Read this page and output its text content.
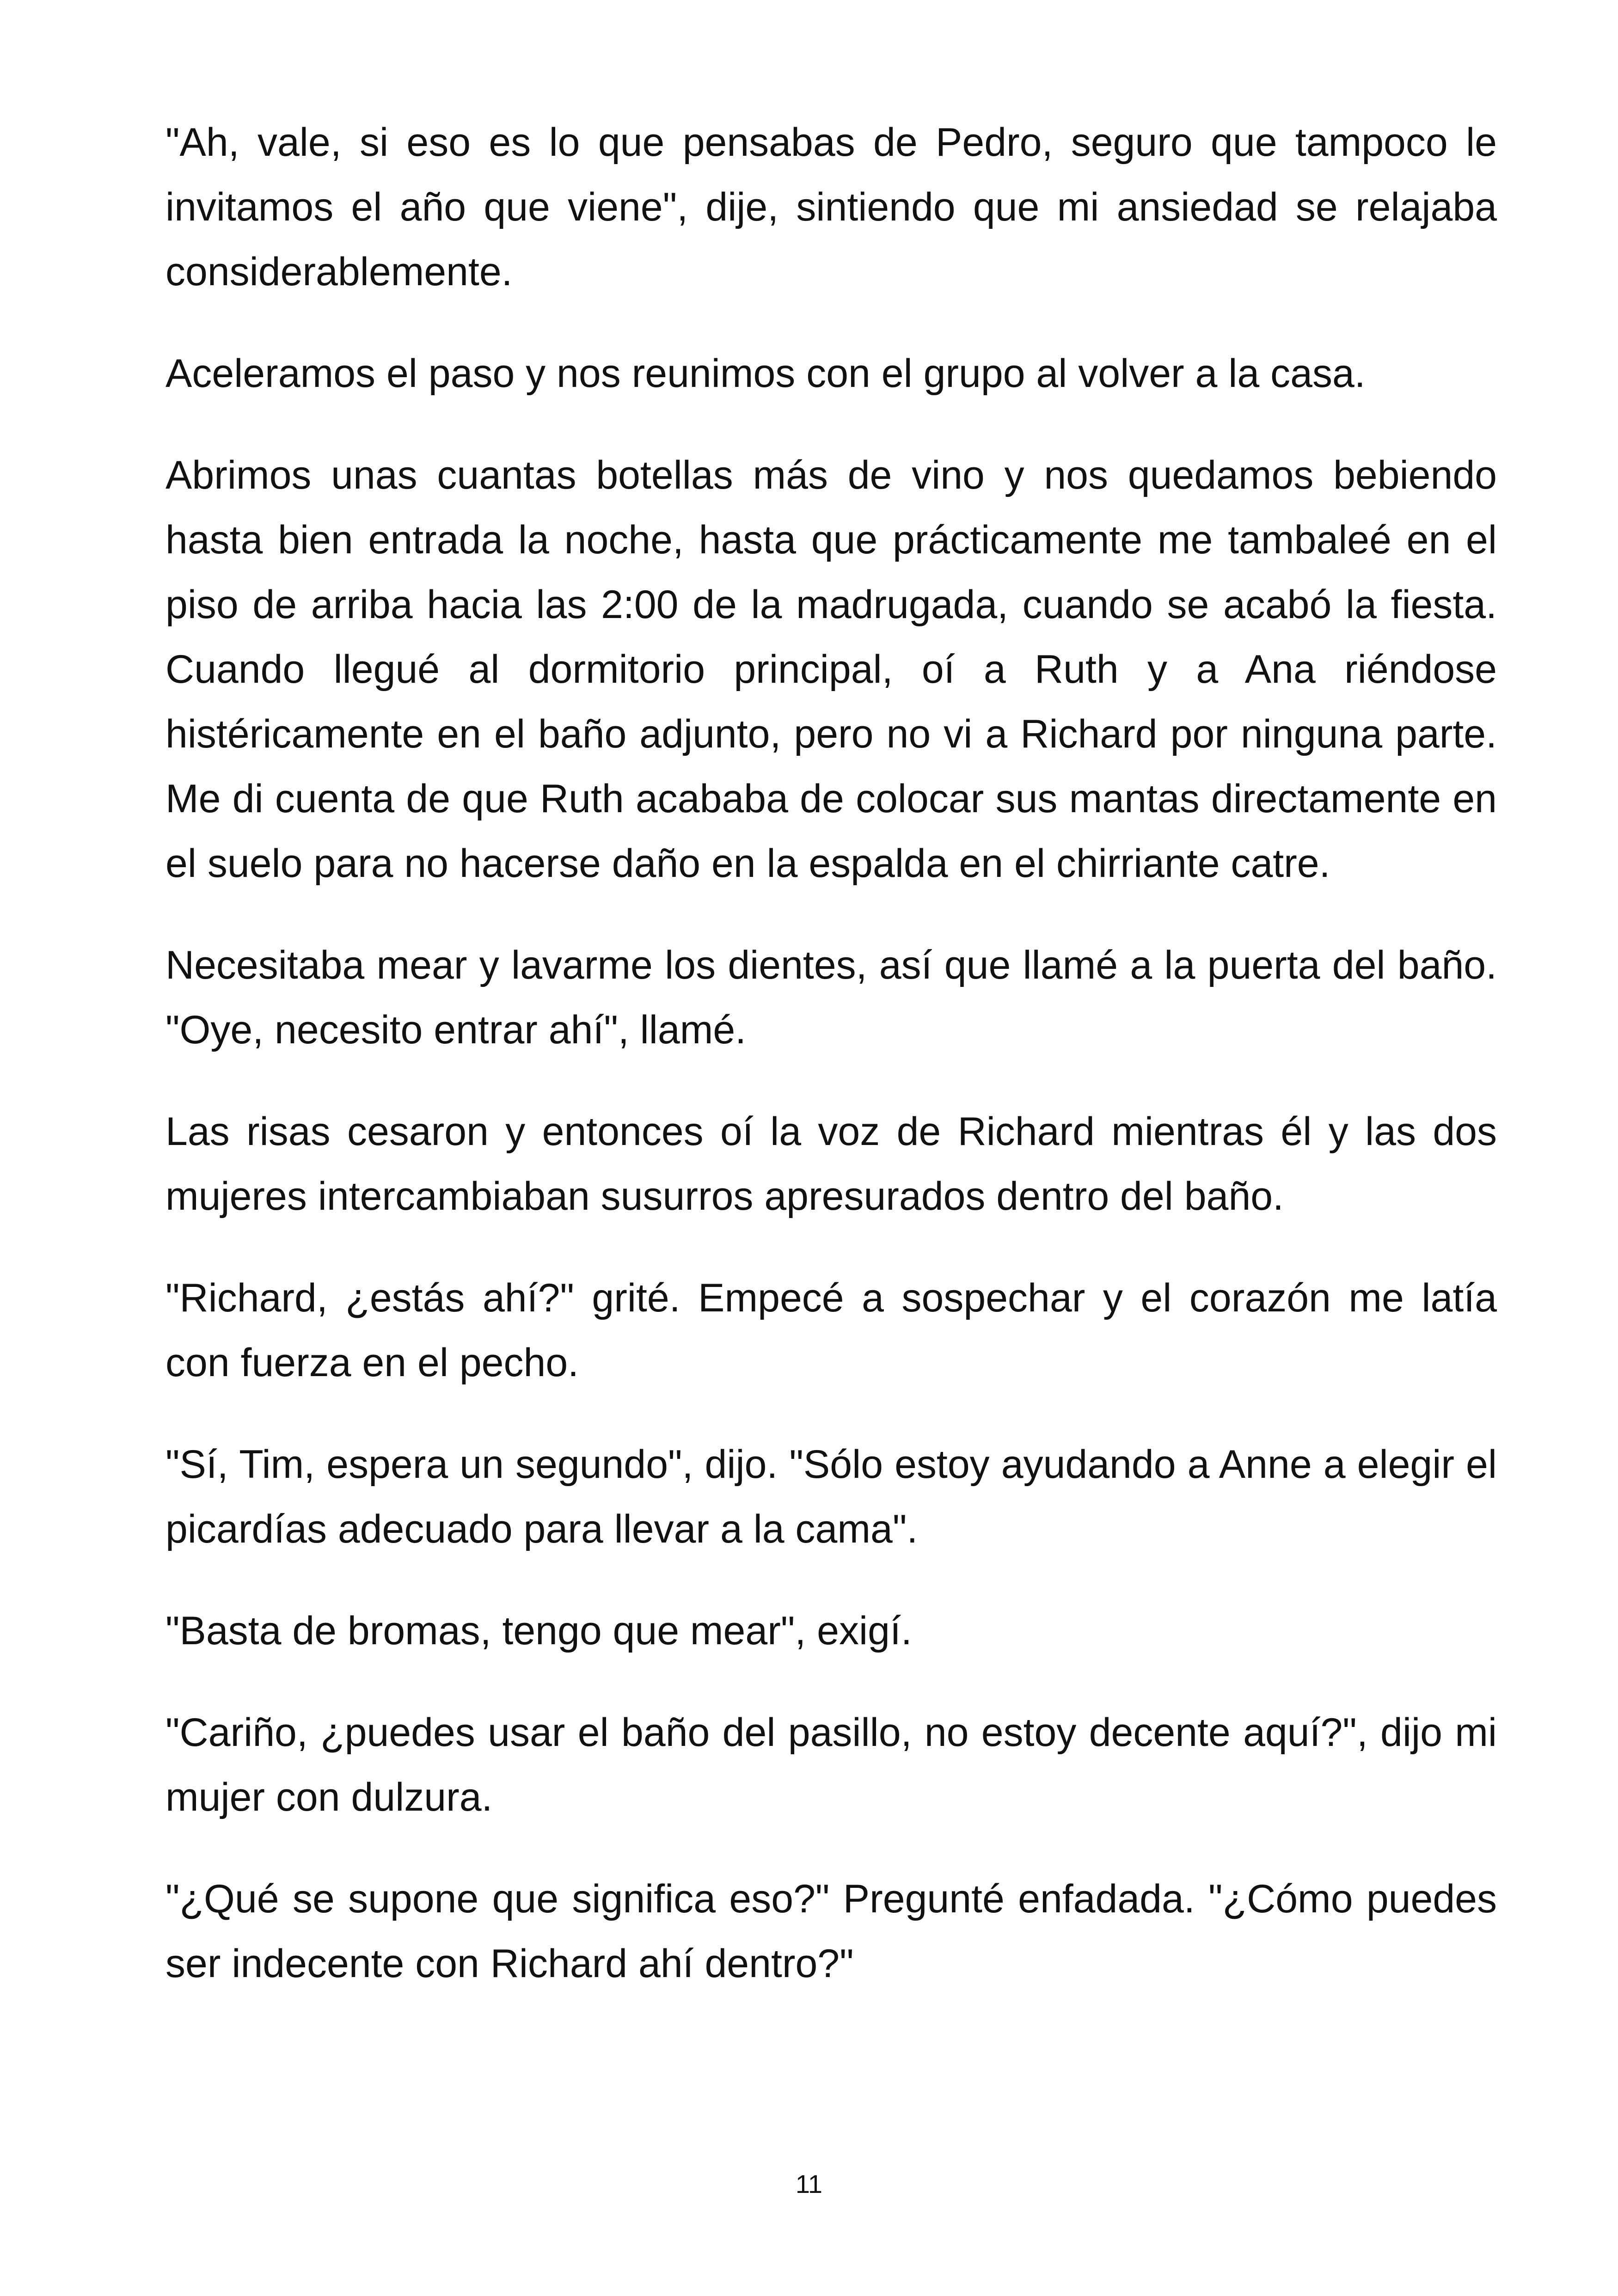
"Ah, vale, si eso es lo que pensabas de Pedro, seguro que tampoco le invitamos el año que viene", dije, sintiendo que mi ansiedad se relajaba considerablemente.

Aceleramos el paso y nos reunimos con el grupo al volver a la casa.

Abrimos unas cuantas botellas más de vino y nos quedamos bebiendo hasta bien entrada la noche, hasta que prácticamente me tambaleé en el piso de arriba hacia las 2:00 de la madrugada, cuando se acabó la fiesta. Cuando llegué al dormitorio principal, oí a Ruth y a Ana riéndose histéricamente en el baño adjunto, pero no vi a Richard por ninguna parte. Me di cuenta de que Ruth acababa de colocar sus mantas directamente en el suelo para no hacerse daño en la espalda en el chirriante catre.

Necesitaba mear y lavarme los dientes, así que llamé a la puerta del baño. "Oye, necesito entrar ahí", llamé.

Las risas cesaron y entonces oí la voz de Richard mientras él y las dos mujeres intercambiaban susurros apresurados dentro del baño.

"Richard, ¿estás ahí?" grité. Empecé a sospechar y el corazón me latía con fuerza en el pecho.

"Sí, Tim, espera un segundo", dijo. "Sólo estoy ayudando a Anne a elegir el picardías adecuado para llevar a la cama".

"Basta de bromas, tengo que mear", exigí.

"Cariño, ¿puedes usar el baño del pasillo, no estoy decente aquí?", dijo mi mujer con dulzura.

"¿Qué se supone que significa eso?" Pregunté enfadada. "¿Cómo puedes ser indecente con Richard ahí dentro?"

11
